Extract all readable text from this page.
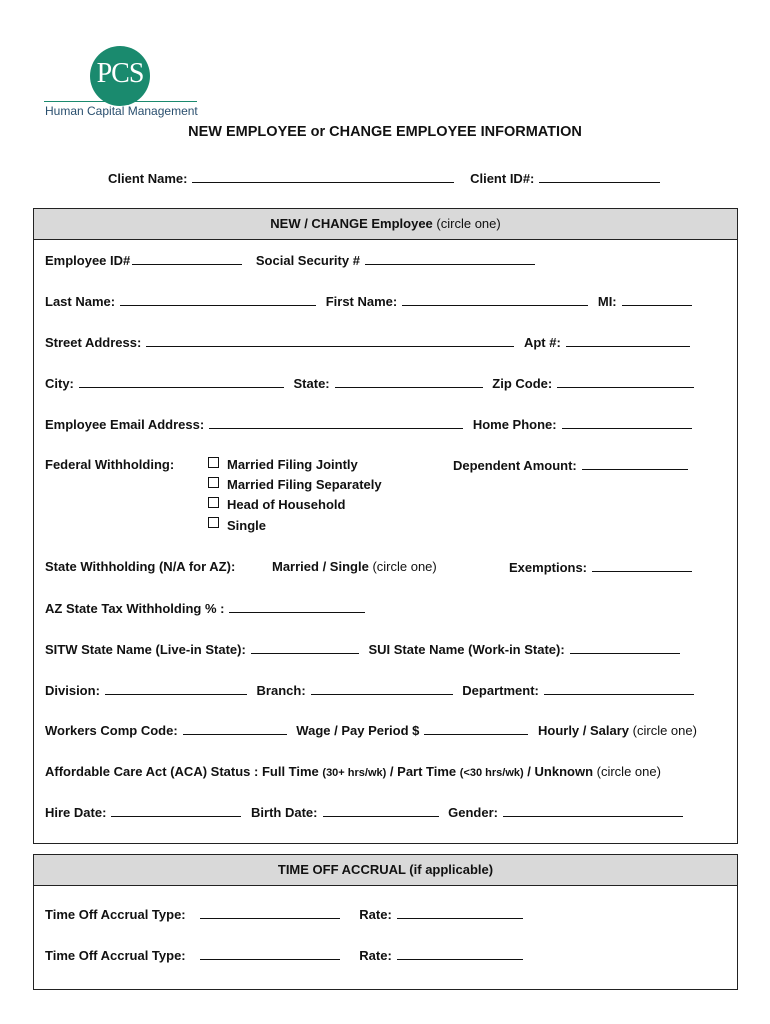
PCS
Human Capital Management
NEW EMPLOYEE or CHANGE EMPLOYEE INFORMATION
Client Name:	Client ID#:
NEW / CHANGE Employee (circle one)
Employee ID#	Social Security #
Last Name:	First Name:	MI:
Street Address:	Apt #:
City:	State:	Zip Code:
Employee Email Address:	Home Phone:
Federal Withholding:	Married Filing Jointly
Married Filing Separately
Head of Household
Single
Dependent Amount:
State Withholding (N/A for AZ):	Married / Single (circle one)	Exemptions:
AZ State Tax Withholding % :
SITW State Name (Live-in State):	SUI State Name (Work-in State):
Division:	Branch:	Department:
Workers Comp Code:	Wage / Pay Period $	Hourly / Salary (circle one)
Affordable Care Act (ACA) Status : Full Time (30+ hrs/wk) / Part Time (<30 hrs/wk) / Unknown (circle one)
Hire Date:	Birth Date:	Gender:
TIME OFF ACCRUAL (if applicable)
Time Off Accrual Type:	Rate:
Time Off Accrual Type:	Rate:
